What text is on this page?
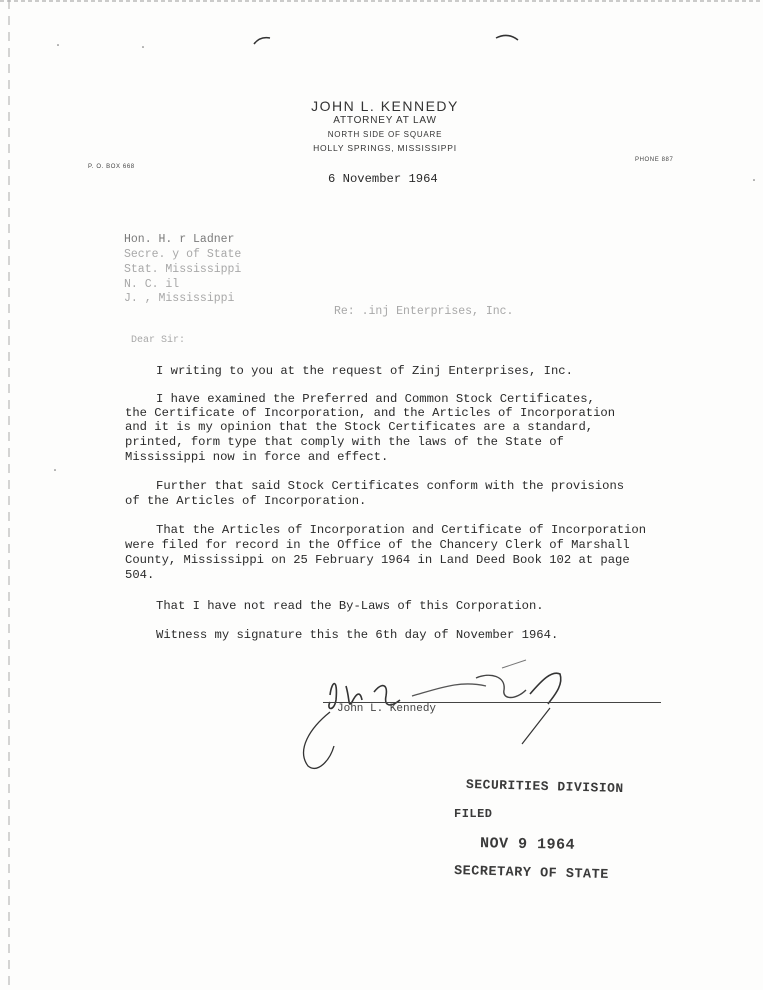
JOHN L. KENNEDY
ATTORNEY AT LAW
NORTH SIDE OF SQUARE
HOLLY SPRINGS, MISSISSIPPI
P. O. BOX 668
PHONE 887
6 November 1964
Hon. H. r Ladner
Secre. y of State
Stat. Mississippi
N. C. il
J. , Mississippi
Re: .inj Enterprises, Inc.
Dear Sir:
I writing to you at the request of Zinj Enterprises, Inc.
I have examined the Preferred and Common Stock Certificates,
the Certificate of Incorporation, and the Articles of Incorporation
and it is my opinion that the Stock Certificates are a standard,
printed, form type that comply with the laws of the State of
Mississippi now in force and effect.
Further that said Stock Certificates conform with the provisions
of the Articles of Incorporation.
That the Articles of Incorporation and Certificate of Incorporation
were filed for record in the Office of the Chancery Clerk of Marshall
County, Mississippi on 25 February 1964 in Land Deed Book 102 at page
504.
That I have not read the By-Laws of this Corporation.
Witness my signature this the 6th day of November 1964.
John L. Kennedy
SECURITIES DIVISION
FILED
NOV 9 1964
SECRETARY OF STATE
